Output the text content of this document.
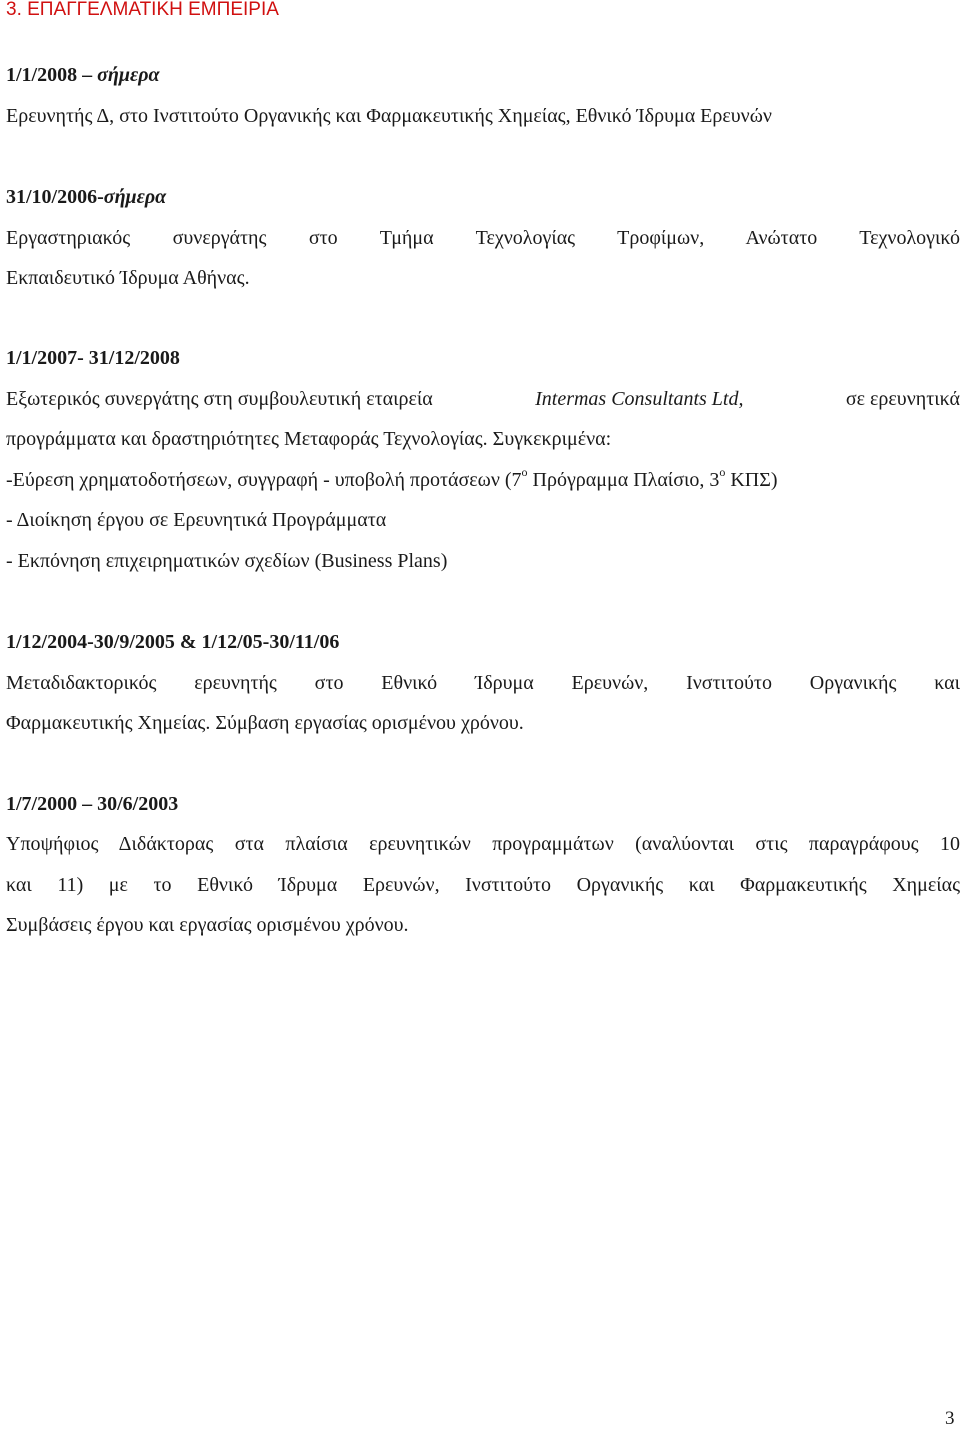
3. ΕΠΑΓΓΕΛΜΑΤΙΚΗ ΕΜΠΕΙΡΙΑ
1/1/2008 – σήμερα
Ερευνητής Δ, στο Ινστιτούτο Οργανικής και Φαρμακευτικής Χημείας, Εθνικό Ίδρυμα Ερευνών
31/10/2006-σήμερα
Εργαστηριακός συνεργάτης στο Τμήμα Τεχνολογίας Τροφίμων, Ανώτατο Τεχνολογικό
Εκπαιδευτικό Ίδρυμα Αθήνας.
1/1/2007- 31/12/2008
Εξωτερικός συνεργάτης στη συμβουλευτική εταιρεία	Intermas Consultants Ltd,	σε ερευνητικά
προγράμματα και δραστηριότητες Μεταφοράς Τεχνολογίας. Συγκεκριμένα:
-Εύρεση χρηματοδοτήσεων, συγγραφή - υποβολή προτάσεων ($7^o$ Πρόγραμμα Πλαίσιο, $3^o$ ΚΠΣ)
- Διοίκηση έργου σε Ερευνητικά Προγράμματα
- Εκπόνηση επιχειρηματικών σχεδίων (Business Plans)
1/12/2004-30/9/2005 & 1/12/05-30/11/06
Μεταδιδακτορικός ερευνητής στο Εθνικό Ίδρυμα Ερευνών, Ινστιτούτο Οργανικής και
Φαρμακευτικής Χημείας. Σύμβαση εργασίας ορισμένου χρόνου.
1/7/2000 – 30/6/2003
Υποψήφιος Διδάκτορας στα πλαίσια ερευνητικών προγραμμάτων (αναλύονται στις παραγράφους 10
και 11) με το Εθνικό Ίδρυμα Ερευνών, Ινστιτούτο Οργανικής και Φαρμακευτικής Χημείας
Συμβάσεις έργου και εργασίας ορισμένου χρόνου.
3
